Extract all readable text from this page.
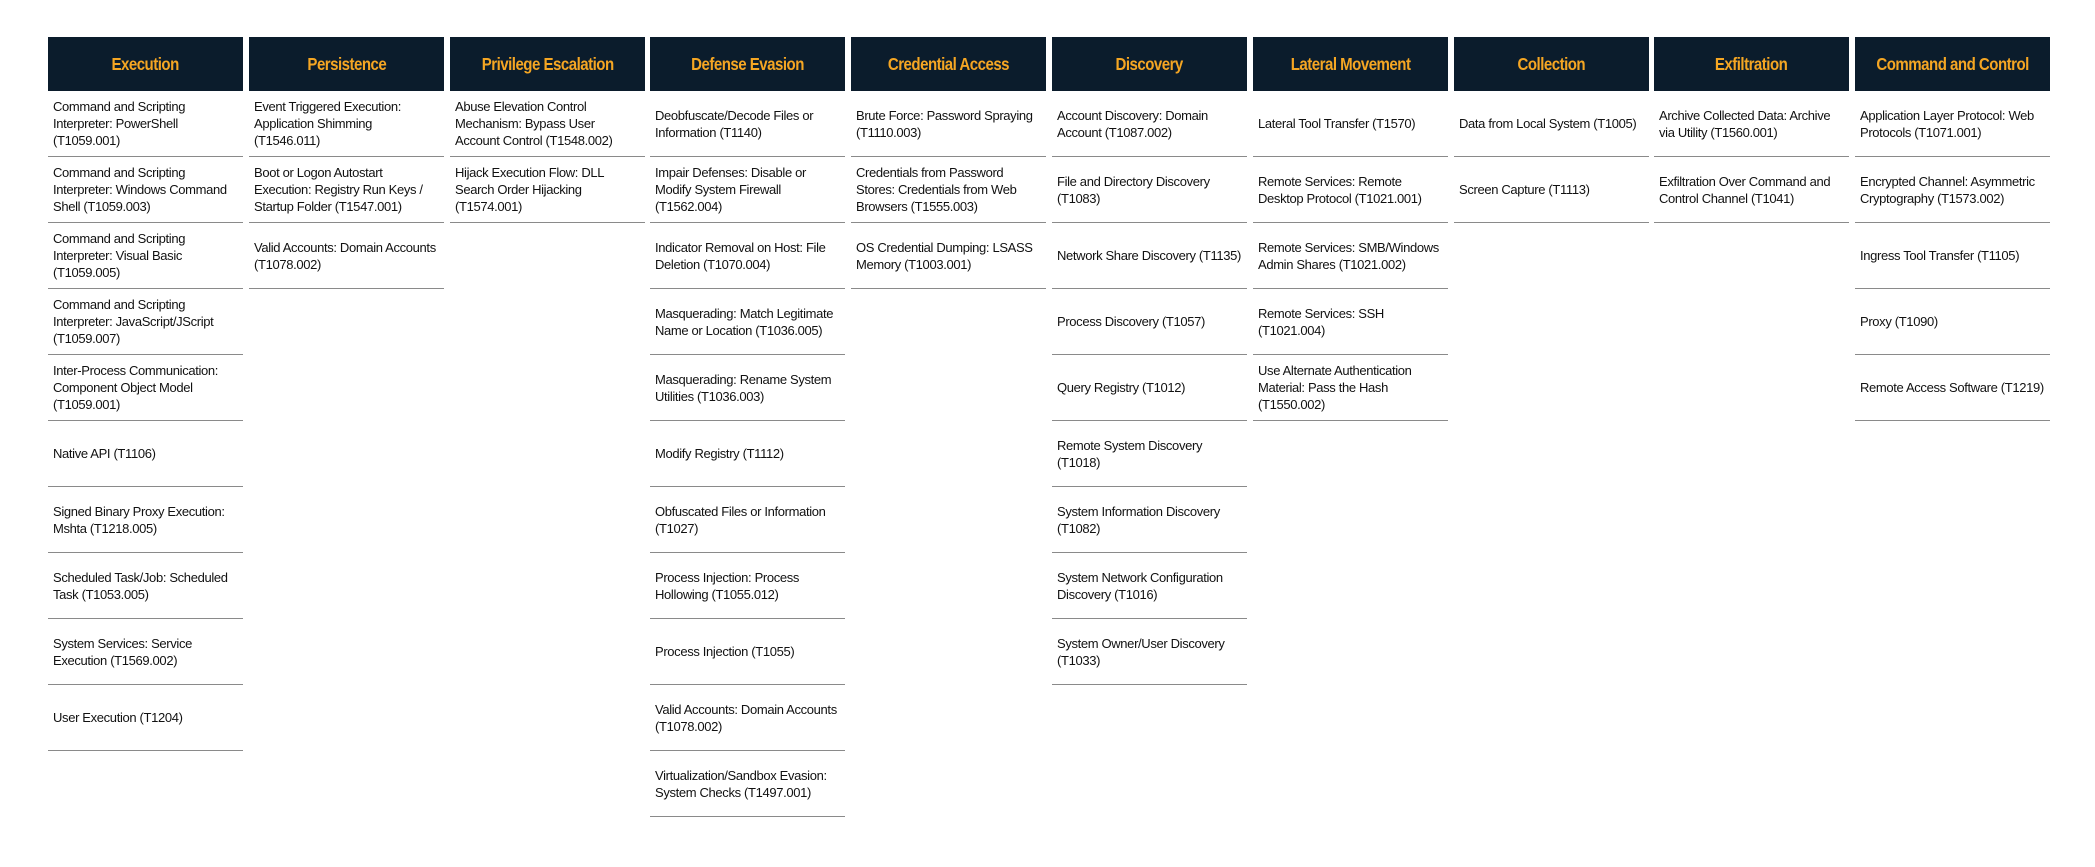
Execution
Command and Scripting Interpreter: PowerShell (T1059.001)
Command and Scripting Interpreter: Windows Command Shell (T1059.003)
Command and Scripting Interpreter: Visual Basic (T1059.005)
Command and Scripting Interpreter: JavaScript/JScript (T1059.007)
Inter-Process Communication: Component Object Model (T1059.001)
Native API (T1106)
Signed Binary Proxy Execution: Mshta (T1218.005)
Scheduled Task/Job: Scheduled Task (T1053.005)
System Services: Service Execution (T1569.002)
User Execution (T1204)
Persistence
Event Triggered Execution: Application Shimming (T1546.011)
Boot or Logon Autostart Execution: Registry Run Keys / Startup Folder (T1547.001)
Valid Accounts: Domain Accounts (T1078.002)
Privilege Escalation
Abuse Elevation Control Mechanism: Bypass User Account Control (T1548.002)
Hijack Execution Flow: DLL Search Order Hijacking (T1574.001)
Defense Evasion
Deobfuscate/Decode Files or Information (T1140)
Impair Defenses: Disable or Modify System Firewall (T1562.004)
Indicator Removal on Host: File Deletion (T1070.004)
Masquerading: Match Legitimate Name or Location (T1036.005)
Masquerading: Rename System Utilities (T1036.003)
Modify Registry (T1112)
Obfuscated Files or Information (T1027)
Process Injection: Process Hollowing (T1055.012)
Process Injection (T1055)
Valid Accounts: Domain Accounts (T1078.002)
Virtualization/Sandbox Evasion: System Checks (T1497.001)
Credential Access
Brute Force: Password Spraying (T1110.003)
Credentials from Password Stores: Credentials from Web Browsers (T1555.003)
OS Credential Dumping: LSASS Memory (T1003.001)
Discovery
Account Discovery: Domain Account (T1087.002)
File and Directory Discovery (T1083)
Network Share Discovery (T1135)
Process Discovery (T1057)
Query Registry (T1012)
Remote System Discovery (T1018)
System Information Discovery (T1082)
System Network Configuration Discovery (T1016)
System Owner/User Discovery (T1033)
Lateral Movement
Lateral Tool Transfer (T1570)
Remote Services: Remote Desktop Protocol (T1021.001)
Remote Services: SMB/Windows Admin Shares (T1021.002)
Remote Services: SSH (T1021.004)
Use Alternate Authentication Material: Pass the Hash (T1550.002)
Collection
Data from Local System (T1005)
Screen Capture (T1113)
Exfiltration
Archive Collected Data: Archive via Utility (T1560.001)
Exfiltration Over Command and Control Channel (T1041)
Command and Control
Application Layer Protocol: Web Protocols (T1071.001)
Encrypted Channel: Asymmetric Cryptography (T1573.002)
Ingress Tool Transfer (T1105)
Proxy (T1090)
Remote Access Software (T1219)
